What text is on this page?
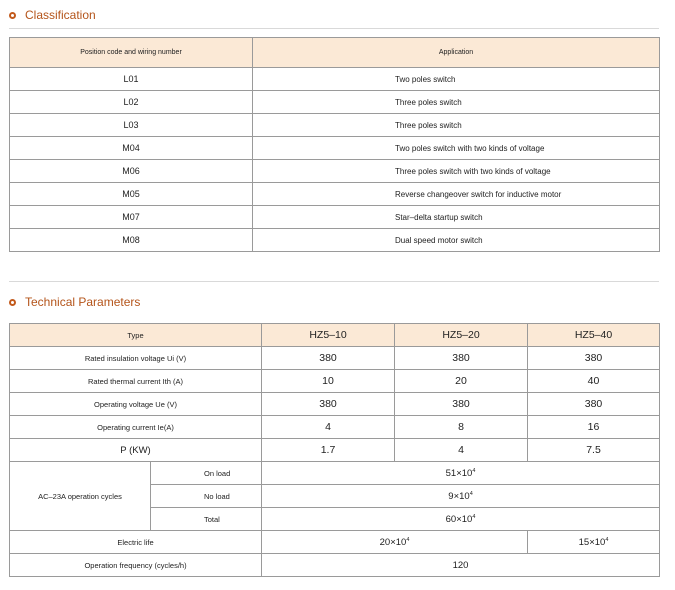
Classification
Position code and wiring number	Application
L01	Two poles switch
L02	Three poles switch
L03	Three poles switch
M04	Two poles switch with two kinds of voltage
M06	Three poles switch with two kinds of voltage
M05	Reverse changeover switch for inductive motor
M07	Star–delta startup switch
M08	Dual speed motor switch
Technical Parameters
Type		HZ5–10	HZ5–20	HZ5–40
Rated insulation voltage Ui (V)		380	380	380
Rated thermal current Ith (A)		10	20	40
Operating voltage Ue (V)		380	380	380
Operating current Ie(A)		4	8	16
P (KW)		1.7	4	7.5
AC–23A operation cycles	On load	$51\times 10^4$
	No load	$9\times 10^4$
	Total	$60\times 10^4$
Electric life		$20\times 10^4$		$15\times 10^4$
Operation frequency (cycles/h)		120		
